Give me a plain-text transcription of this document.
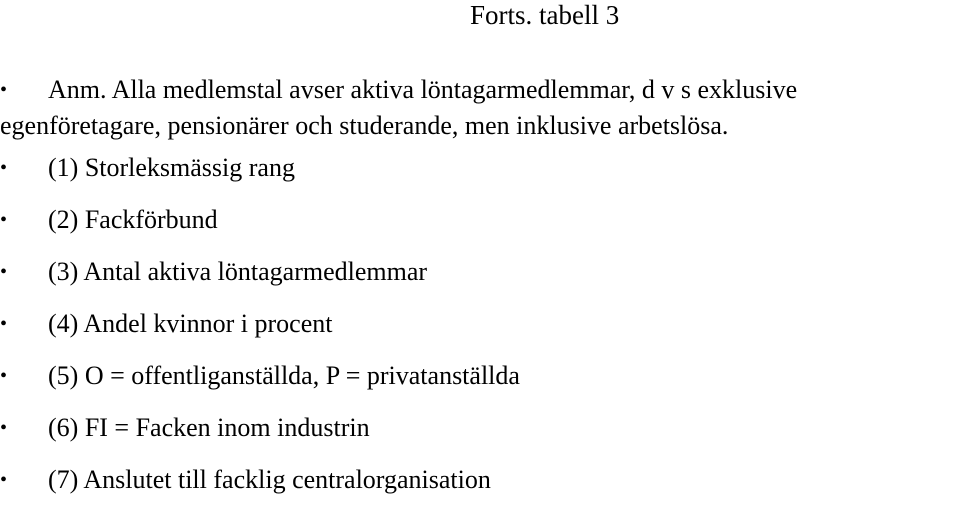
Forts. tabell 3
•	Anm. Alla medlemstal avser aktiva löntagarmedlemmar, d v s exklusive
egenföretagare, pensionärer och studerande, men inklusive arbetslösa.
•	(1) Storleksmässig rang
•	(2) Fackförbund
•	(3) Antal aktiva löntagarmedlemmar
•	(4) Andel kvinnor i procent
•	(5) O = offentliganställda, P = privatanställda
•	(6) FI = Facken inom industrin
•	(7) Anslutet till facklig centralorganisation
